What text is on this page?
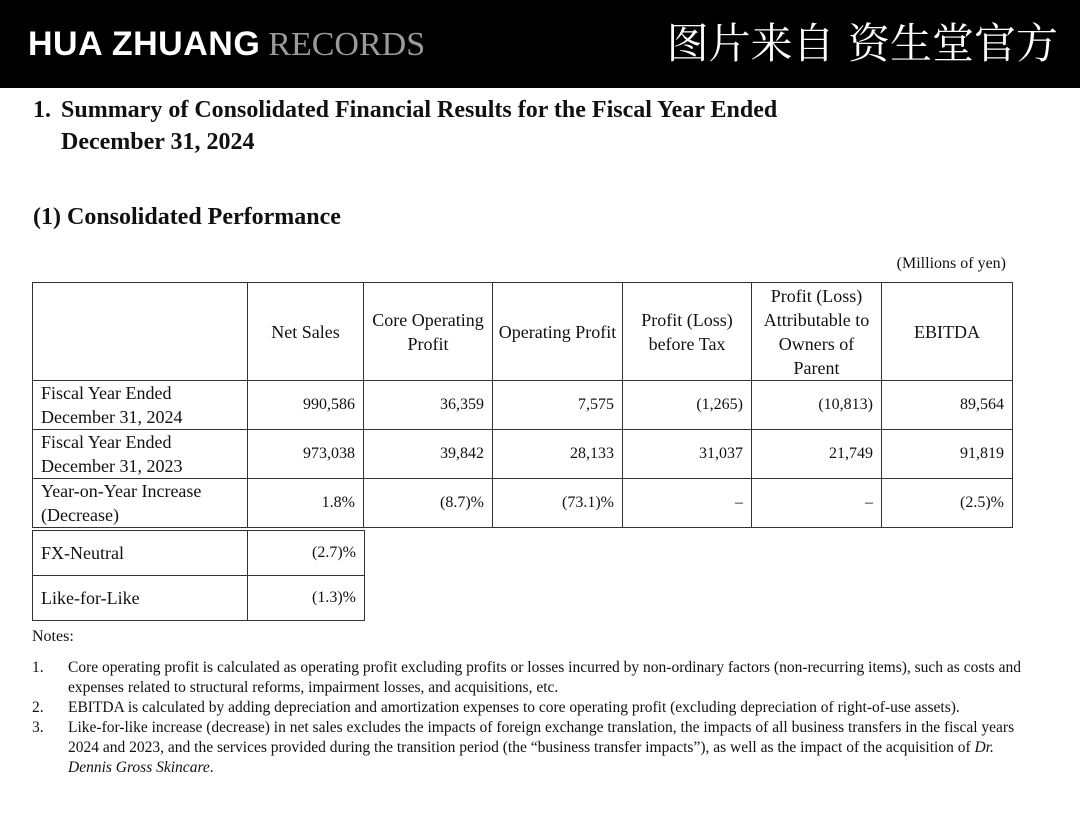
HUA ZHUANG RECORDS	图片来自 资生堂官方
1. Summary of Consolidated Financial Results for the Fiscal Year Ended
December 31, 2024
(1) Consolidated Performance
(Millions of yen)
	Net Sales	Core Operating Profit	Operating Profit	Profit (Loss) before Tax	Profit (Loss) Attributable to Owners of Parent	EBITDA
Fiscal Year Ended December 31, 2024	990,586	36,359	7,575	(1,265)	(10,813)	89,564
Fiscal Year Ended December 31, 2023	973,038	39,842	28,133	31,037	21,749	91,819
Year-on-Year Increase (Decrease)	1.8%	(8.7)%	(73.1)%	–	–	(2.5)%
FX-Neutral	(2.7)%
Like-for-Like	(1.3)%
Notes:
1. Core operating profit is calculated as operating profit excluding profits or losses incurred by non-ordinary factors (non-recurring items), such as costs and expenses related to structural reforms, impairment losses, and acquisitions, etc.
2. EBITDA is calculated by adding depreciation and amortization expenses to core operating profit (excluding depreciation of right-of-use assets).
3. Like-for-like increase (decrease) in net sales excludes the impacts of foreign exchange translation, the impacts of all business transfers in the fiscal years 2024 and 2023, and the services provided during the transition period (the “business transfer impacts”), as well as the impact of the acquisition of Dr. Dennis Gross Skincare.
